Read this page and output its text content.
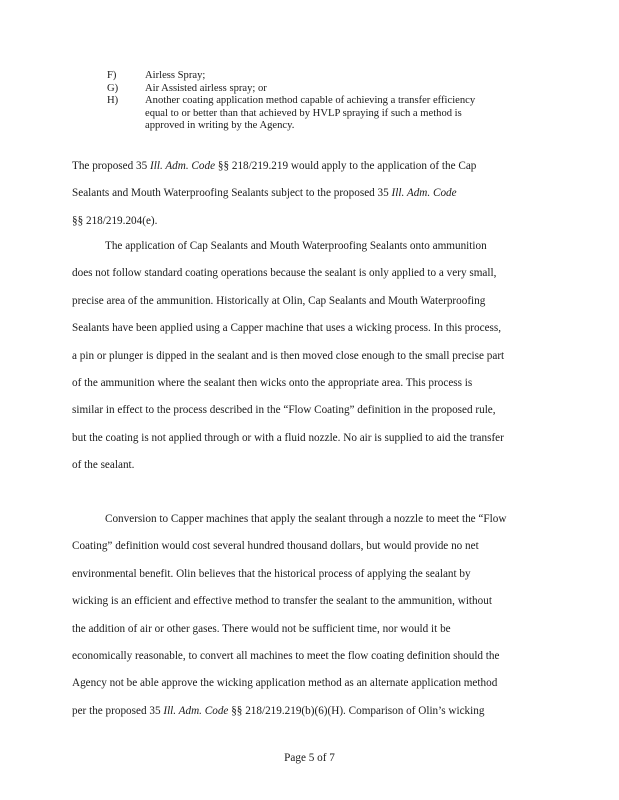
F)	Airless Spray;
G)	Air Assisted airless spray; or
H)	Another coating application method capable of achieving a transfer efficiency
equal to or better than that achieved by HVLP spraying if such a method is
approved in writing by the Agency.
The proposed 35 Ill. Adm. Code §§ 218/219.219 would apply to the application of the Cap
Sealants and Mouth Waterproofing Sealants subject to the proposed 35 Ill. Adm. Code
§§ 218/219.204(e).
The application of Cap Sealants and Mouth Waterproofing Sealants onto ammunition
does not follow standard coating operations because the sealant is only applied to a very small,
precise area of the ammunition. Historically at Olin, Cap Sealants and Mouth Waterproofing
Sealants have been applied using a Capper machine that uses a wicking process. In this process,
a pin or plunger is dipped in the sealant and is then moved close enough to the small precise part
of the ammunition where the sealant then wicks onto the appropriate area. This process is
similar in effect to the process described in the “Flow Coating” definition in the proposed rule,
but the coating is not applied through or with a fluid nozzle. No air is supplied to aid the transfer
of the sealant.
Conversion to Capper machines that apply the sealant through a nozzle to meet the “Flow
Coating” definition would cost several hundred thousand dollars, but would provide no net
environmental benefit. Olin believes that the historical process of applying the sealant by
wicking is an efficient and effective method to transfer the sealant to the ammunition, without
the addition of air or other gases. There would not be sufficient time, nor would it be
economically reasonable, to convert all machines to meet the flow coating definition should the
Agency not be able approve the wicking application method as an alternate application method
per the proposed 35 Ill. Adm. Code §§ 218/219.219(b)(6)(H). Comparison of Olin’s wicking
Page 5 of 7
